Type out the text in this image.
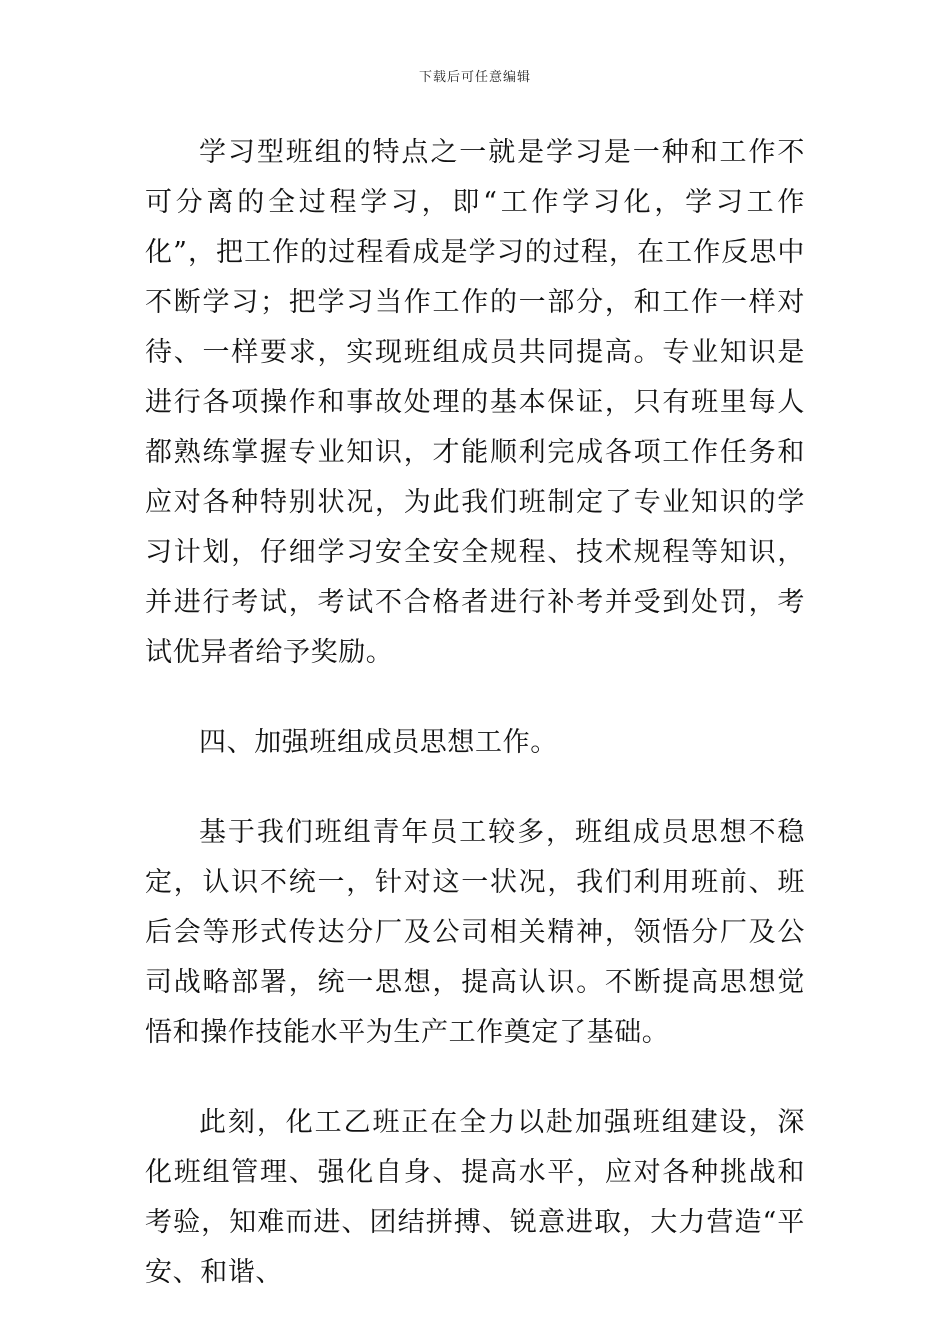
下载后可任意编辑

学习型班组的特点之一就是学习是一种和工作不可分离的全过程学习，即“工作学习化，学习工作化”，把工作的过程看成是学习的过程，在工作反思中不断学习；把学习当作工作的一部分，和工作一样对待、一样要求，实现班组成员共同提高。专业知识是进行各项操作和事故处理的基本保证，只有班里每人都熟练掌握专业知识，才能顺利完成各项工作任务和应对各种特别状况，为此我们班制定了专业知识的学习计划，仔细学习安全安全规程、技术规程等知识，并进行考试，考试不合格者进行补考并受到处罚，考试优异者给予奖励。

四、加强班组成员思想工作。

基于我们班组青年员工较多，班组成员思想不稳定，认识不统一，针对这一状况，我们利用班前、班后会等形式传达分厂及公司相关精神，领悟分厂及公司战略部署，统一思想，提高认识。不断提高思想觉悟和操作技能水平为生产工作奠定了基础。

此刻，化工乙班正在全力以赴加强班组建设，深化班组管理、强化自身、提高水平，应对各种挑战和考验，知难而进、团结拼搏、锐意进取，大力营造“平安、和谐、
